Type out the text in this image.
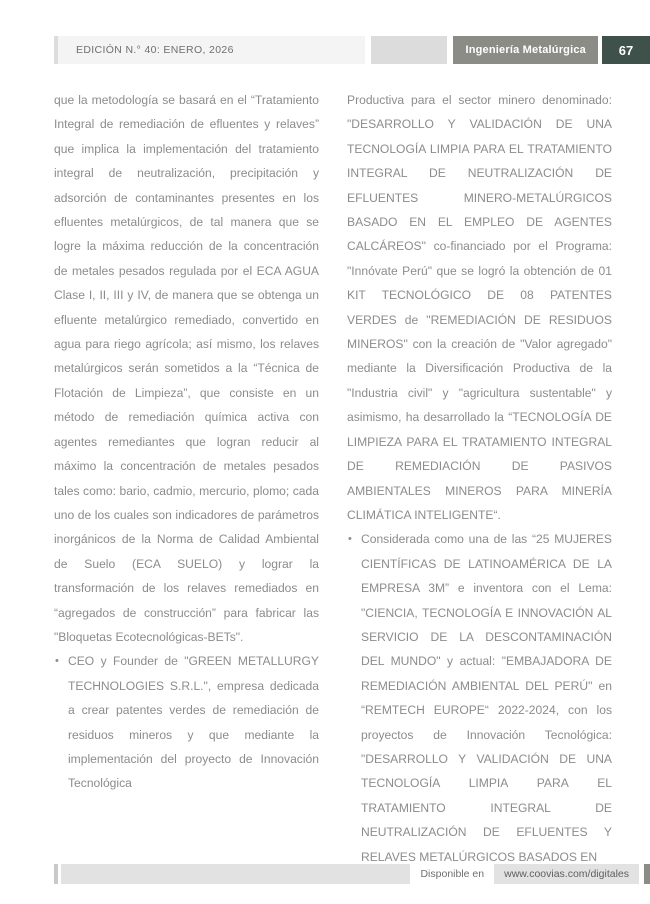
EDICIÓN N.° 40: ENERO, 2026	Ingeniería Metalúrgica	67

que la metodología se basará en el “Tratamiento Integral de remediación de efluentes y relaves” que implica la implementación del tratamiento integral de neutralización, precipitación y adsorción de contaminantes presentes en los efluentes metalúrgicos, de tal manera que se logre la máxima reducción de la concentración de metales pesados regulada por el ECA AGUA Clase I, II, III y IV, de manera que se obtenga un efluente metalúrgico remediado, convertido en agua para riego agrícola; así mismo, los relaves metalúrgicos serán sometidos a la “Técnica de Flotación de Limpieza”, que consiste en un método de remediación química activa con agentes remediantes que logran reducir al máximo la concentración de metales pesados tales como: bario, cadmio, mercurio, plomo; cada uno de los cuales son indicadores de parámetros inorgánicos de la Norma de Calidad Ambiental de Suelo (ECA SUELO) y lograr la transformación de los relaves remediados en “agregados de construcción” para fabricar las "Bloquetas Ecotecnológicas-BETs".

• CEO y Founder de "GREEN METALLURGY TECHNOLOGIES S.R.L.", empresa dedicada a crear patentes verdes de remediación de residuos mineros y que mediante la implementación del proyecto de Innovación Tecnológica

Productiva para el sector minero denominado: "DESARROLLO Y VALIDACIÓN DE UNA TECNOLOGÍA LIMPIA PARA EL TRATAMIENTO INTEGRAL DE NEUTRALIZACIÓN DE EFLUENTES MINERO-METALÚRGICOS BASADO EN EL EMPLEO DE AGENTES CALCÁREOS" co-financiado por el Programa: "Innóvate Perú" que se logró la obtención de 01 KIT TECNOLÓGICO DE 08 PATENTES VERDES de "REMEDIACIÓN DE RESIDUOS MINEROS" con la creación de "Valor agregado" mediante la Diversificación Productiva de la "Industria civil" y "agricultura sustentable" y asimismo, ha desarrollado la “TECNOLOGÍA DE LIMPIEZA PARA EL TRATAMIENTO INTEGRAL DE REMEDIACIÓN DE PASIVOS AMBIENTALES MINEROS PARA MINERÍA CLIMÁTICA INTELIGENTE“.

• Considerada como una de las “25 MUJERES CIENTÍFICAS DE LATINOAMÉRICA DE LA EMPRESA 3M” e inventora con el Lema: "CIENCIA, TECNOLOGÍA E INNOVACIÓN AL SERVICIO DE LA DESCONTAMINACIÓN DEL MUNDO" y actual: "EMBAJADORA DE REMEDIACIÓN AMBIENTAL DEL PERÚ" en “REMTECH EUROPE“ 2022-2024, con los proyectos de Innovación Tecnológica: "DESARROLLO Y VALIDACIÓN DE UNA TECNOLOGÍA LIMPIA PARA EL TRATAMIENTO INTEGRAL DE NEUTRALIZACIÓN DE EFLUENTES Y RELAVES METALÚRGICOS BASADOS EN
Disponible en	www.coovias.com/digitales
